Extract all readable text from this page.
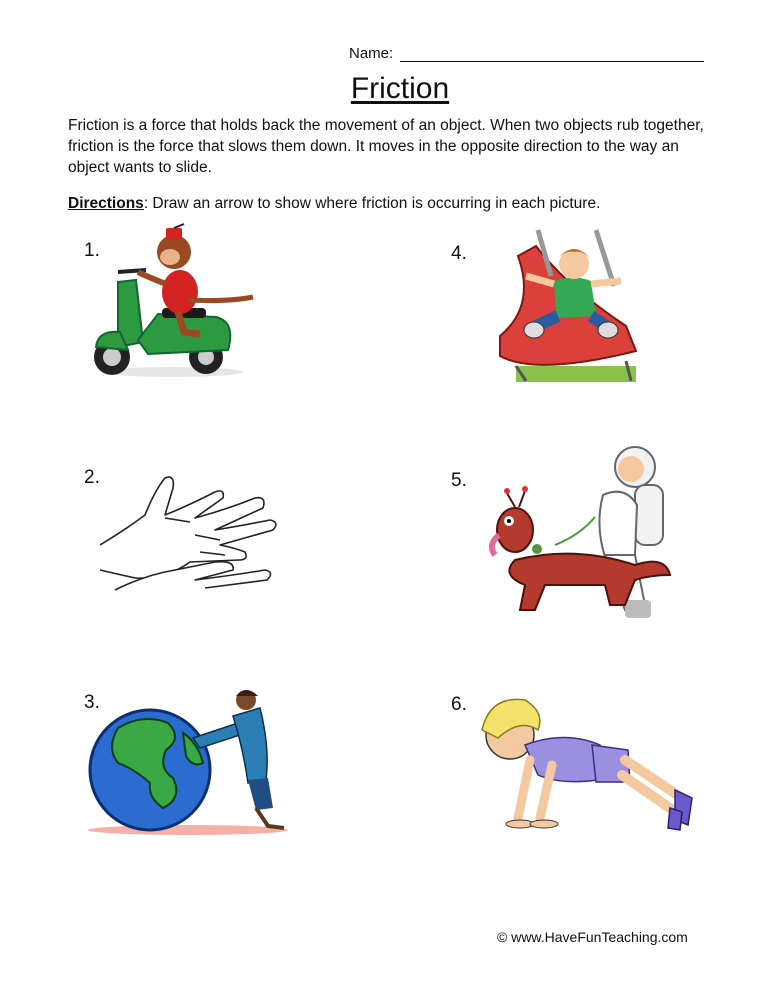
Name:
Friction
Friction is a force that holds back the movement of an object. When two objects rub together, friction is the force that slows them down. It moves in the opposite direction to the way an object wants to slide.
Directions: Draw an arrow to show where friction is occurring in each picture.
1.
2.
3.
4.
5.
6.
© www.HaveFunTeaching.com
